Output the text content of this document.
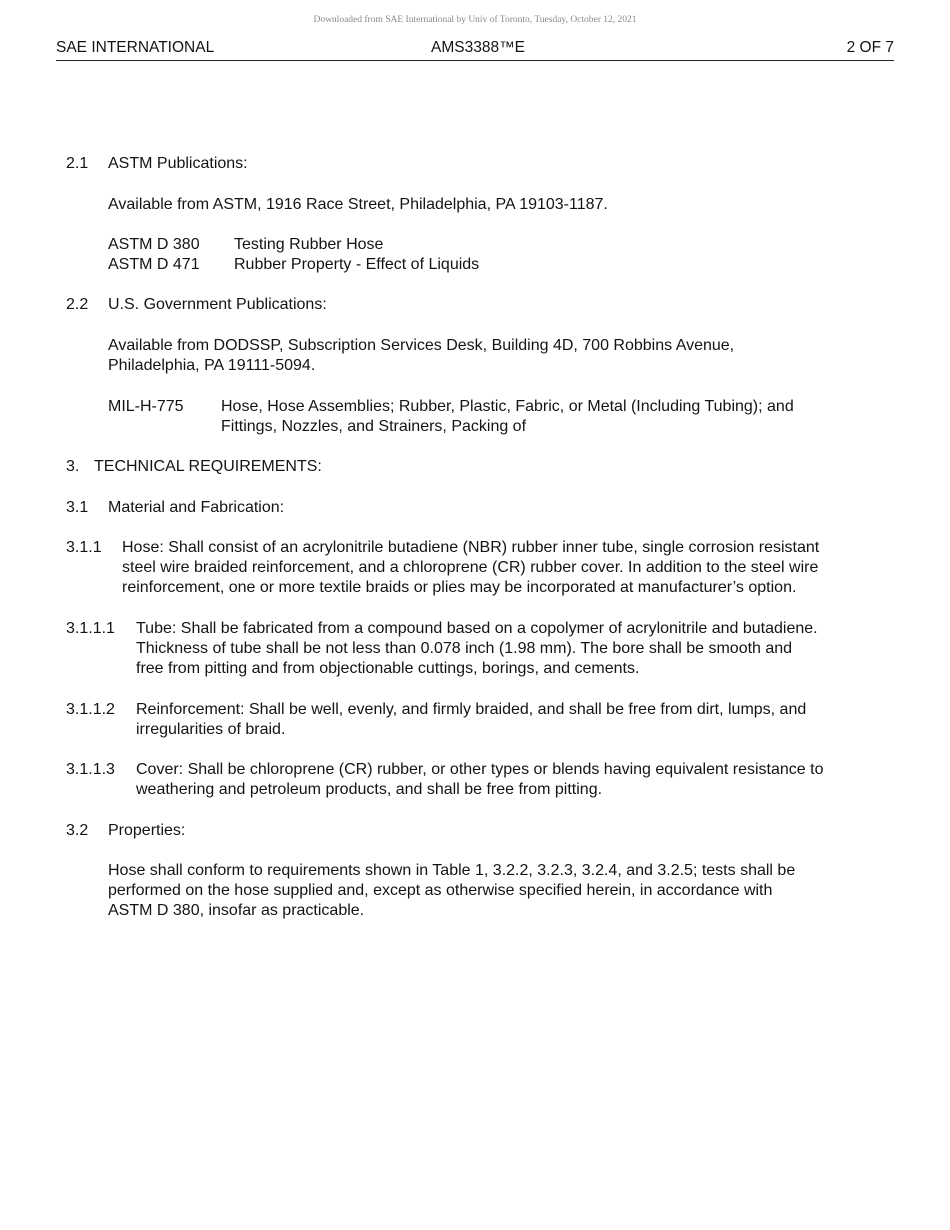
Downloaded from SAE International by Univ of Toronto, Tuesday, October 12, 2021
SAE INTERNATIONAL	AMS3388™E	2 OF 7
2.1 ASTM Publications:
Available from ASTM, 1916 Race Street, Philadelphia, PA 19103-1187.
ASTM D 380 Testing Rubber Hose
ASTM D 471 Rubber Property - Effect of Liquids
2.2 U.S. Government Publications:
Available from DODSSP, Subscription Services Desk, Building 4D, 700 Robbins Avenue,
Philadelphia, PA 19111-5094.
MIL-H-775 Hose, Hose Assemblies; Rubber, Plastic, Fabric, or Metal (Including Tubing); and
Fittings, Nozzles, and Strainers, Packing of
3. TECHNICAL REQUIREMENTS:
3.1 Material and Fabrication:
3.1.1 Hose: Shall consist of an acrylonitrile butadiene (NBR) rubber inner tube, single corrosion resistant
steel wire braided reinforcement, and a chloroprene (CR) rubber cover. In addition to the steel wire
reinforcement, one or more textile braids or plies may be incorporated at manufacturer’s option.
3.1.1.1 Tube: Shall be fabricated from a compound based on a copolymer of acrylonitrile and butadiene.
Thickness of tube shall be not less than 0.078 inch (1.98 mm). The bore shall be smooth and
free from pitting and from objectionable cuttings, borings, and cements.
3.1.1.2 Reinforcement: Shall be well, evenly, and firmly braided, and shall be free from dirt, lumps, and
irregularities of braid.
3.1.1.3 Cover: Shall be chloroprene (CR) rubber, or other types or blends having equivalent resistance to
weathering and petroleum products, and shall be free from pitting.
3.2 Properties:
Hose shall conform to requirements shown in Table 1, 3.2.2, 3.2.3, 3.2.4, and 3.2.5; tests shall be
performed on the hose supplied and, except as otherwise specified herein, in accordance with
ASTM D 380, insofar as practicable.
